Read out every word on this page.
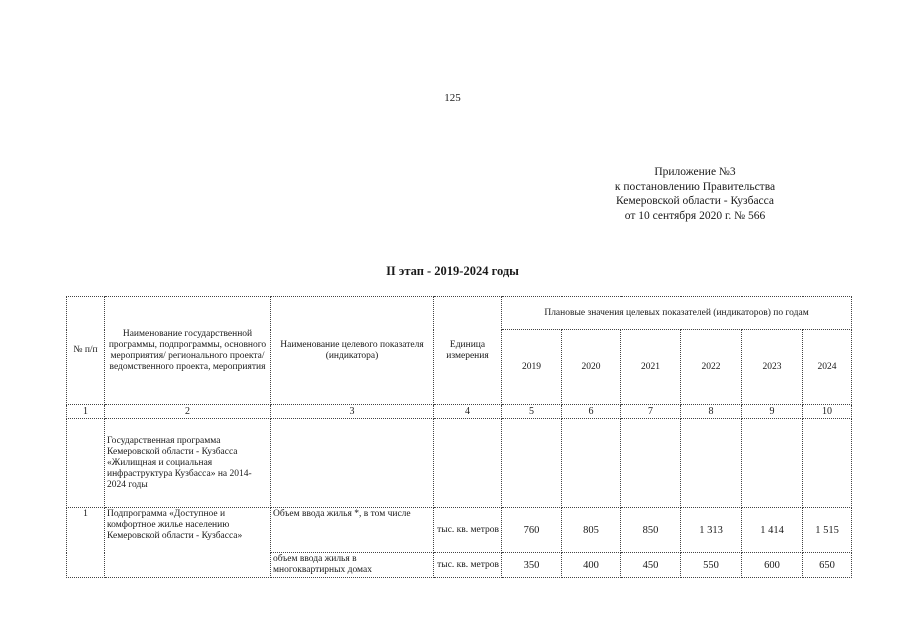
125
Приложение №3
к постановлению Правительства
Кемеровской области - Кузбасса
от 10 сентября 2020 г. № 566
II этап - 2019-2024 годы
№ п/п	Наименование государственной программы, подпрограммы, основного мероприятия/ регионального проекта/ ведомственного проекта, мероприятия	Наименование целевого показателя (индикатора)	Единица измерения	Плановые значения целевых показателей (индикаторов) по годам					
				2019	2020	2021	2022	2023	2024
1	2	3	4	5	6	7	8	9	10
	Государственная программа Кемеровской области - Кузбасса «Жилищная и социальная инфраструктура Кузбасса» на 2014-2024 годы								
1	Подпрограмма «Доступное и комфортное жилье населению Кемеровской области - Кузбасса»	Объем ввода жилья *, в том числе	тыс. кв. метров	760	805	850	1 313	1 414	1 515
		объем ввода жилья в многоквартирных домах	тыс. кв. метров	350	400	450	550	600	650
